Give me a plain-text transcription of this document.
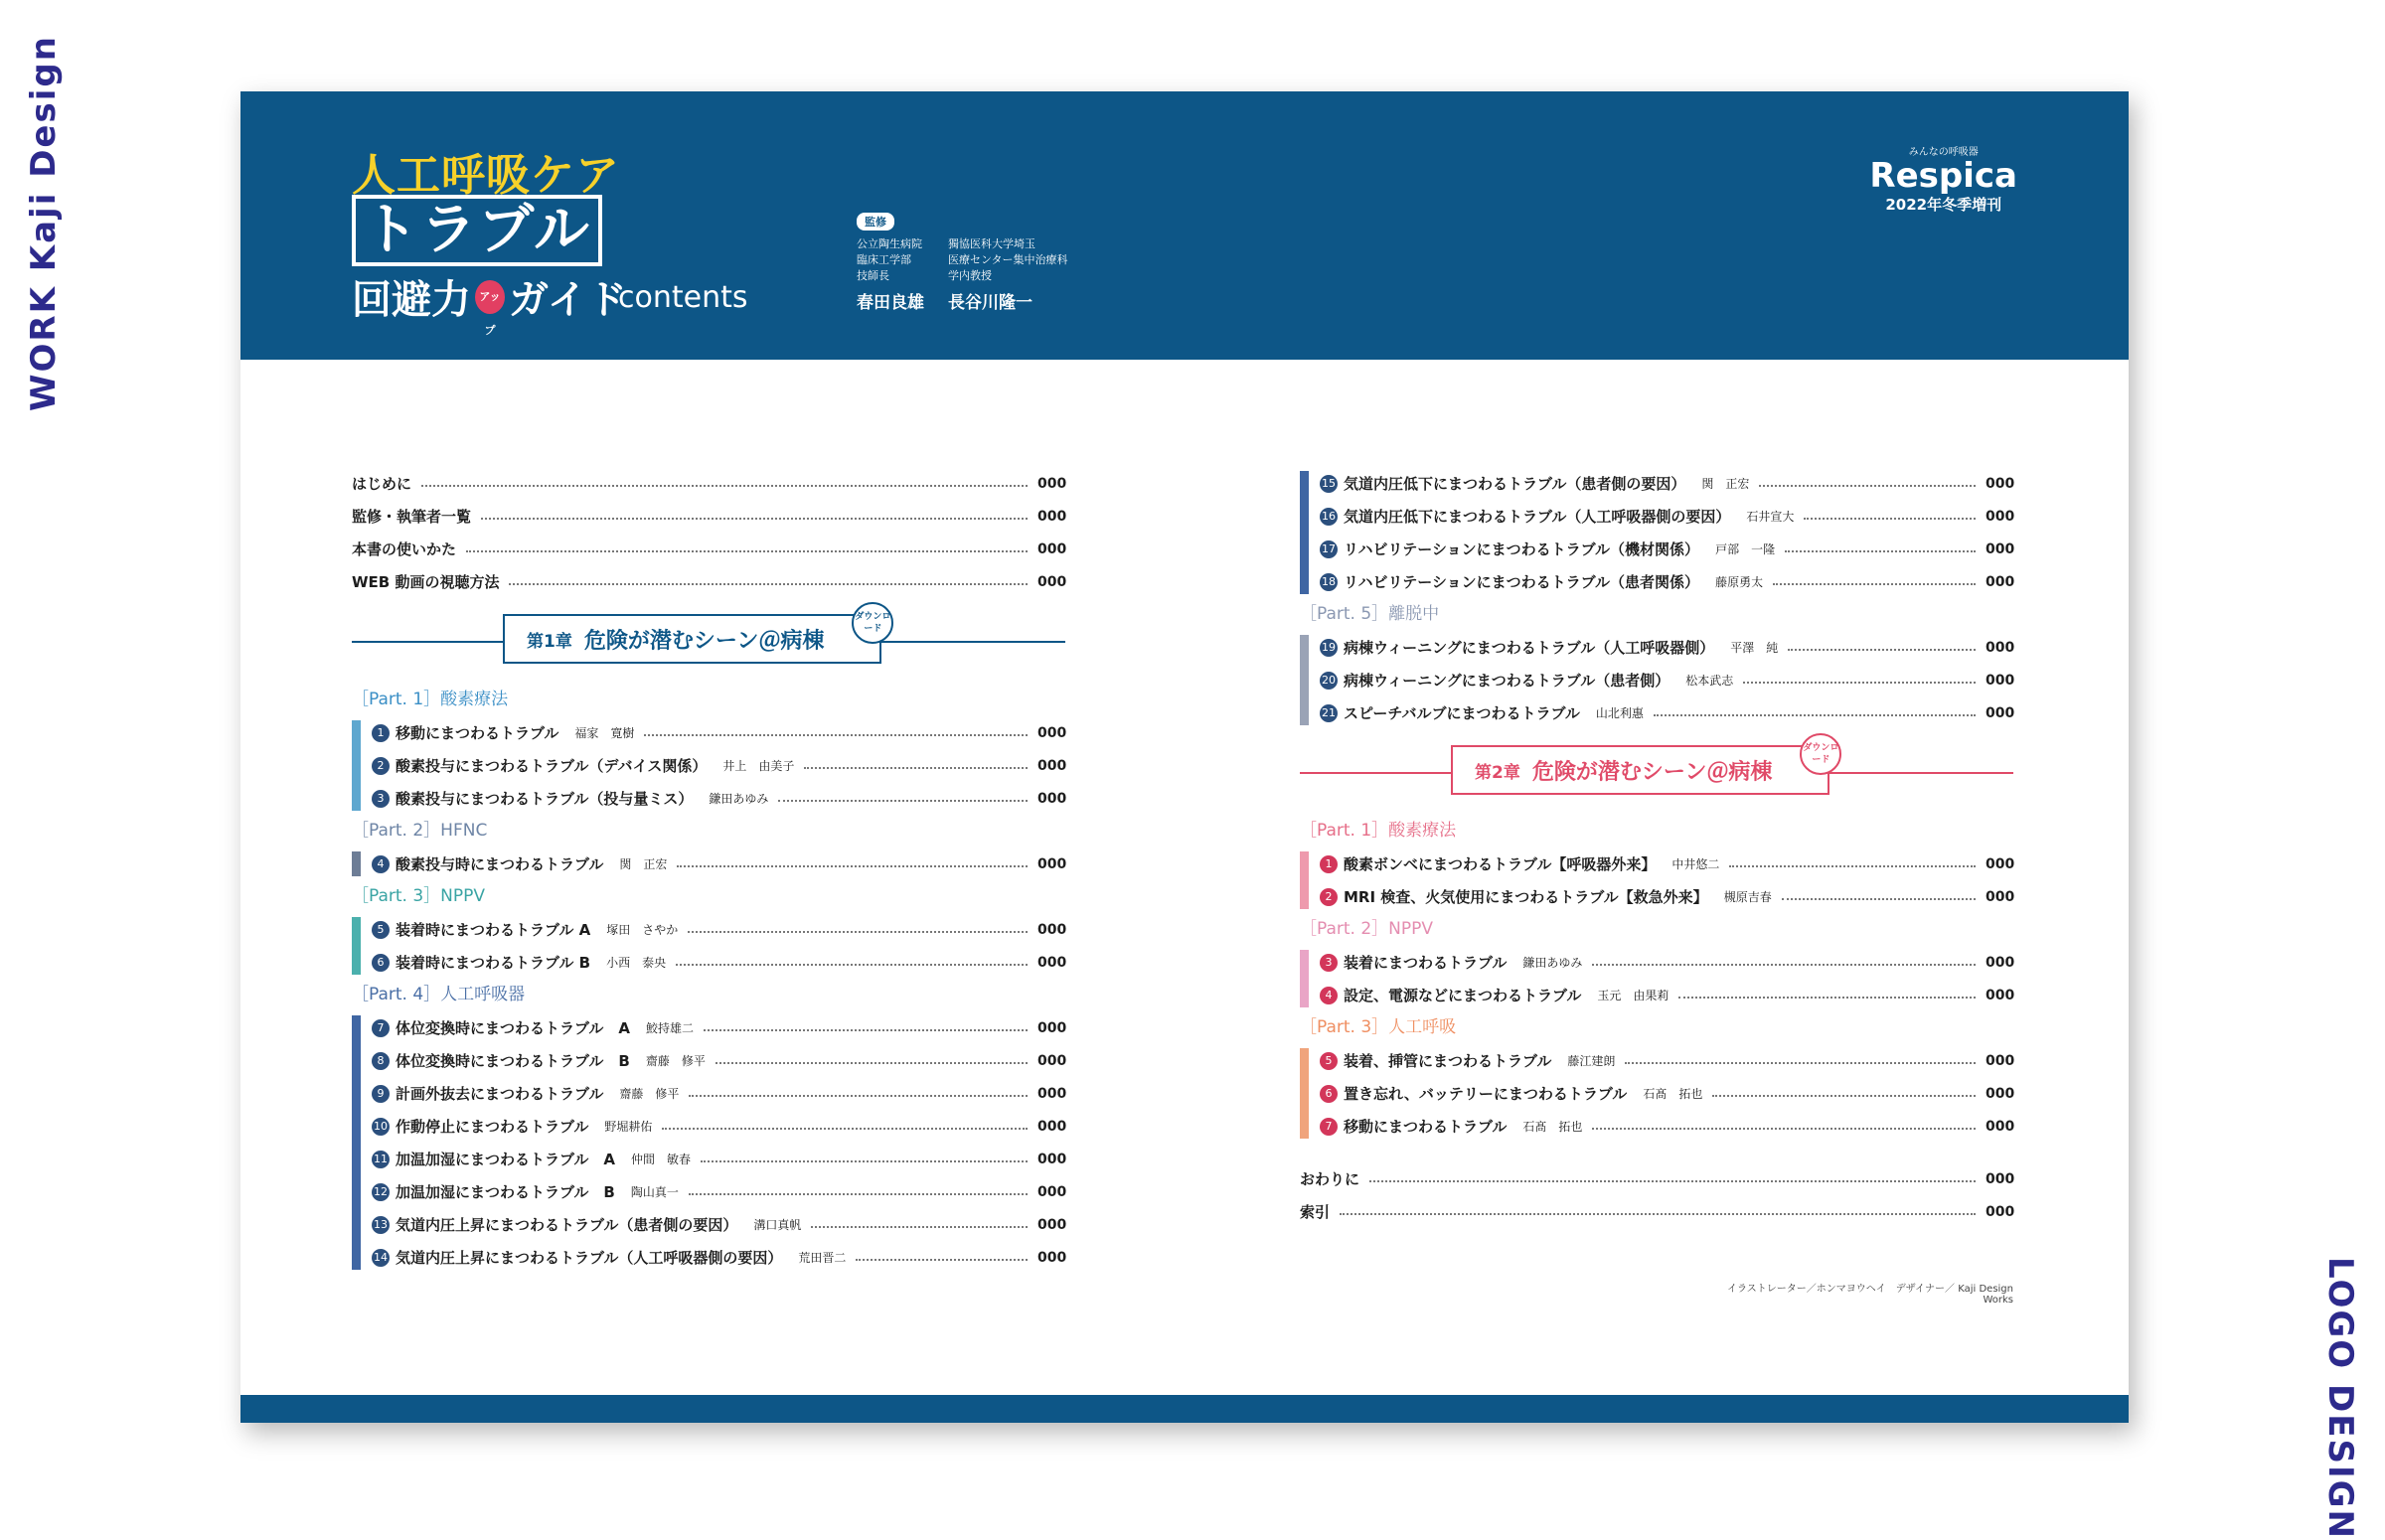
WORK Kaji Design
LOGO DESIGN
人工呼吸ケア
トラブル
回避力 アップ
ガイド
contents
監修
公立陶生病院
臨床工学部
技師長
春田良雄
獨協医科大学埼玉
医療センター集中治療科
学内教授
長谷川隆一
みんなの呼吸器
Respica
2022年冬季増刊
はじめに	000
監修・執筆者一覧	000
本書の使いかた	000
WEB 動画の視聴方法	000
第1章 危険が潜むシーン＠病棟
ダウンロード
［Part. 1］酸素療法
1 移動にまつわるトラブル 福家　寛樹	000
2 酸素投与にまつわるトラブル（デバイス関係） 井上　由美子	000
3 酸素投与にまつわるトラブル（投与量ミス） 鎌田あゆみ	000
［Part. 2］HFNC
4 酸素投与時にまつわるトラブル 関　正宏	000
［Part. 3］NPPV
5 装着時にまつわるトラブル A 塚田　さやか	000
6 装着時にまつわるトラブル B 小西　泰央	000
［Part. 4］人工呼吸器
7 体位変換時にまつわるトラブル　A 鮫持雄二	000
8 体位変換時にまつわるトラブル　B 齋藤　修平	000
9 計画外抜去にまつわるトラブル 齋藤　修平	000
10 作動停止にまつわるトラブル 野堀耕佑	000
11 加温加湿にまつわるトラブル　A 仲間　敏春	000
12 加温加湿にまつわるトラブル　B 陶山真一	000
13 気道内圧上昇にまつわるトラブル（患者側の要因） 溝口真帆	000
14 気道内圧上昇にまつわるトラブル（人工呼吸器側の要因） 荒田晋二	000
15 気道内圧低下にまつわるトラブル（患者側の要因） 関　正宏	000
16 気道内圧低下にまつわるトラブル（人工呼吸器側の要因） 石井宣大	000
17 リハビリテーションにまつわるトラブル（機材関係） 戸部　一隆	000
18 リハビリテーションにまつわるトラブル（患者関係） 藤原勇太	000
［Part. 5］離脱中
19 病棟ウィーニングにまつわるトラブル（人工呼吸器側） 平澤　純	000
20 病棟ウィーニングにまつわるトラブル（患者側） 松本武志	000
21 スピーチバルブにまつわるトラブル 山北利惠	000
第2章 危険が潜むシーン＠病棟
ダウンロード
［Part. 1］酸素療法
1 酸素ボンベにまつわるトラブル【呼吸器外来】 中井悠二	000
2 MRI 検査、火気使用にまつわるトラブル【救急外来】 槻原吉春	000
［Part. 2］NPPV
3 装着にまつわるトラブル 鎌田あゆみ	000
4 設定、電源などにまつわるトラブル 玉元　由果莉	000
［Part. 3］人工呼吸
5 装着、挿管にまつわるトラブル 藤江建朗	000
6 置き忘れ、バッテリーにまつわるトラブル 石髙　拓也	000
7 移動にまつわるトラブル 石髙　拓也	000
おわりに	000
索引	000
イラストレーター／ホンマヨウヘイ　デザイナー／ Kaji Design Works
